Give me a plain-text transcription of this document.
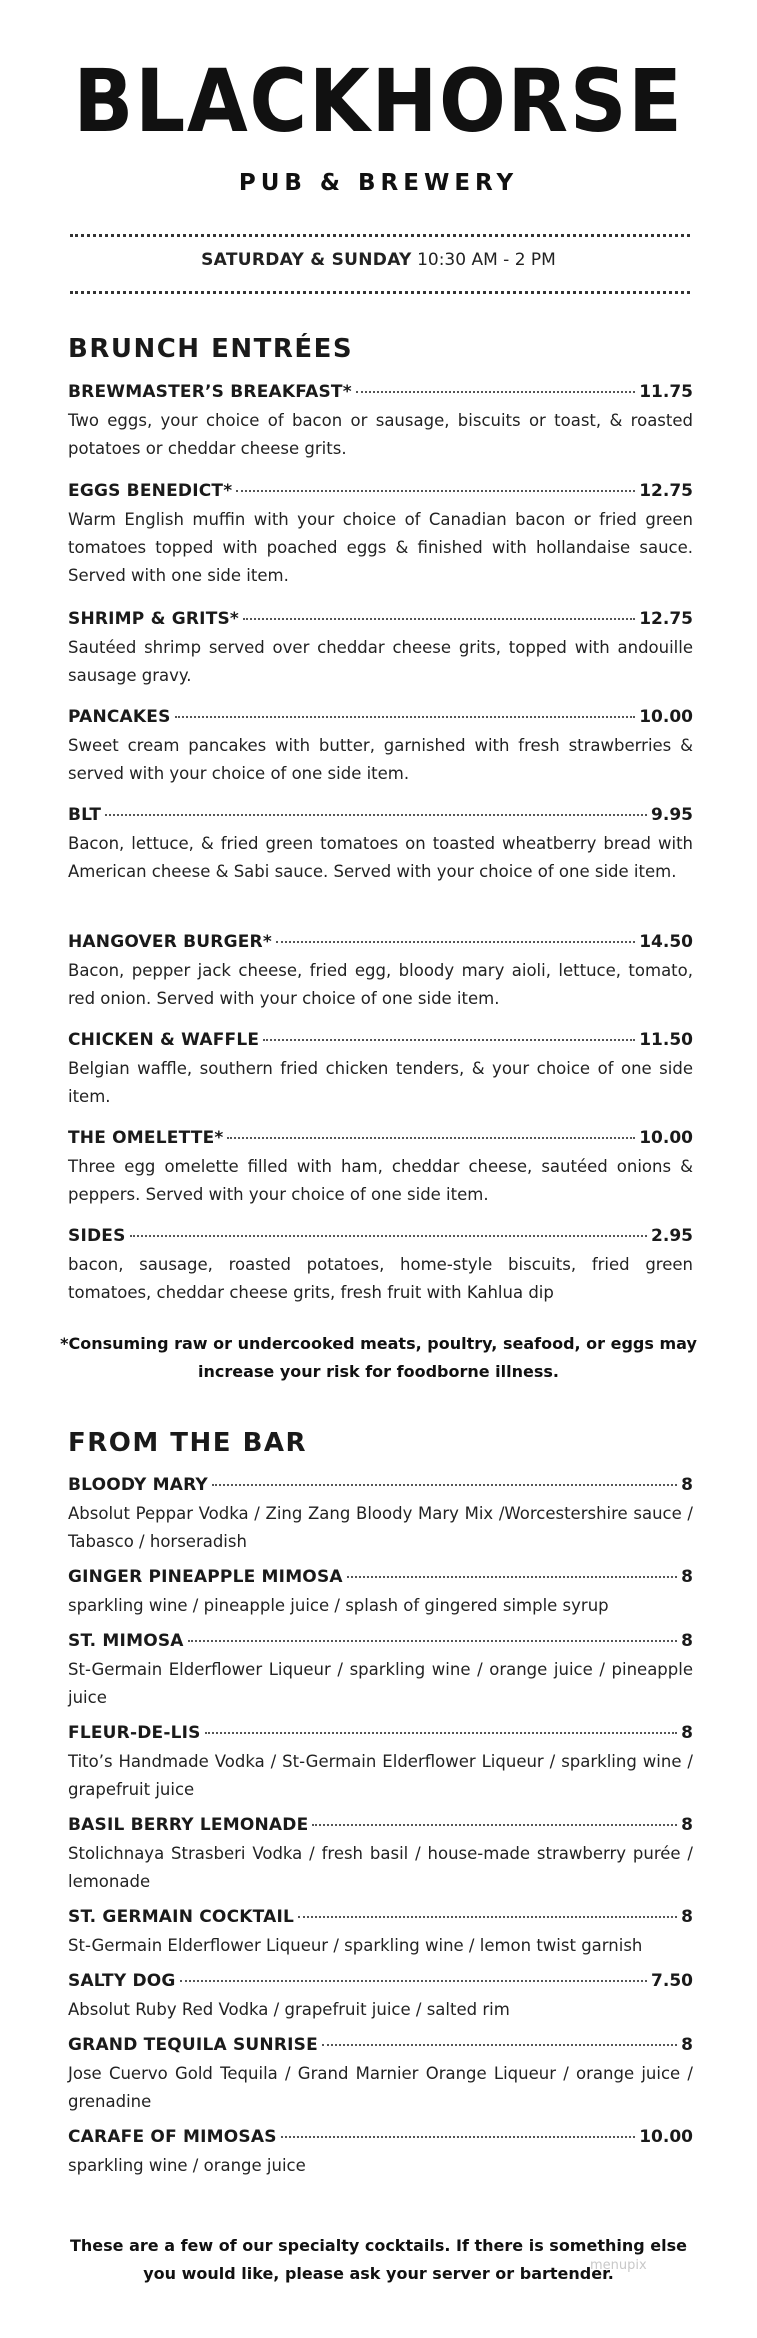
BLACKHORSE
PUB & BREWERY
SATURDAY & SUNDAY 10:30 AM - 2 PM
BRUNCH ENTRÉES
BREWMASTER’S BREAKFAST*	11.75
Two eggs, your choice of bacon or sausage, biscuits or toast, & roasted potatoes or cheddar cheese grits.
EGGS BENEDICT*	12.75
Warm English muffin with your choice of Canadian bacon or fried green tomatoes topped with poached eggs & finished with hollandaise sauce. Served with one side item.
SHRIMP & GRITS*	12.75
Sautéed shrimp served over cheddar cheese grits, topped with andouille sausage gravy.
PANCAKES	10.00
Sweet cream pancakes with butter, garnished with fresh strawberries & served with your choice of one side item.
BLT	9.95
Bacon, lettuce, & fried green tomatoes on toasted wheatberry bread with American cheese & Sabi sauce. Served with your choice of one side item.
HANGOVER BURGER*	14.50
Bacon, pepper jack cheese, fried egg, bloody mary aioli, lettuce, tomato, red onion. Served with your choice of one side item.
CHICKEN & WAFFLE	11.50
Belgian waffle, southern fried chicken tenders, & your choice of one side item.
THE OMELETTE*	10.00
Three egg omelette filled with ham, cheddar cheese, sautéed onions & peppers. Served with your choice of one side item.
SIDES	2.95
bacon, sausage, roasted potatoes, home-style biscuits, fried green tomatoes, cheddar cheese grits, fresh fruit with Kahlua dip
*Consuming raw or undercooked meats, poultry, seafood, or eggs may increase your risk for foodborne illness.
FROM THE BAR
BLOODY MARY	8
Absolut Peppar Vodka / Zing Zang Bloody Mary Mix /Worcestershire sauce / Tabasco / horseradish
GINGER PINEAPPLE MIMOSA	8
sparkling wine / pineapple juice / splash of gingered simple syrup
ST. MIMOSA	8
St-Germain Elderflower Liqueur / sparkling wine / orange juice / pineapple juice
FLEUR-DE-LIS	8
Tito’s Handmade Vodka / St-Germain Elderflower Liqueur / sparkling wine / grapefruit juice
BASIL BERRY LEMONADE	8
Stolichnaya Strasberi Vodka / fresh basil / house-made strawberry purée / lemonade
ST. GERMAIN COCKTAIL	8
St-Germain Elderflower Liqueur / sparkling wine / lemon twist garnish
SALTY DOG	7.50
Absolut Ruby Red Vodka / grapefruit juice / salted rim
GRAND TEQUILA SUNRISE	8
Jose Cuervo Gold Tequila / Grand Marnier Orange Liqueur / orange juice / grenadine
CARAFE OF MIMOSAS	10.00
sparkling wine / orange juice
These are a few of our specialty cocktails. If there is something else you would like, please ask your server or bartender.
menupix
